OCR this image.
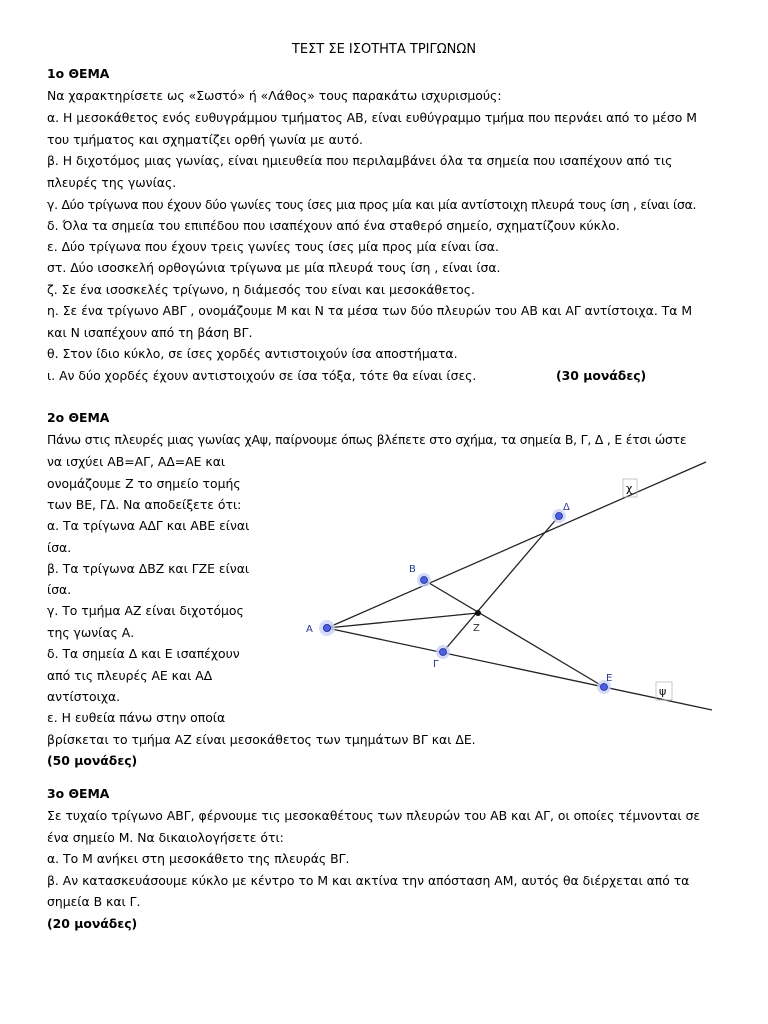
ΤΕΣΤ ΣΕ ΙΣΟΤΗΤΑ ΤΡΙΓΩΝΩΝ
1ο ΘΕΜΑ
Να χαρακτηρίσετε ως «Σωστό» ή «Λάθος» τους παρακάτω ισχυρισμούς:
α. Η μεσοκάθετος ενός ευθυγράμμου τμήματος ΑΒ, είναι ευθύγραμμο τμήμα που περνάει από το μέσο Μ
του τμήματος και σχηματίζει ορθή γωνία με αυτό.
β. Η διχοτόμος μιας γωνίας, είναι ημιευθεία που περιλαμβάνει όλα τα σημεία που ισαπέχουν από τις
πλευρές της γωνίας.
γ. Δύο τρίγωνα που έχουν δύο γωνίες τους ίσες μια προς μία και μία αντίστοιχη πλευρά τους ίση , είναι ίσα.
δ. Όλα τα σημεία του επιπέδου που ισαπέχουν από ένα σταθερό σημείο, σχηματίζουν κύκλο.
ε. Δύο τρίγωνα που έχουν τρεις γωνίες τους ίσες μία προς μία είναι ίσα.
στ. Δύο ισοσκελή ορθογώνια τρίγωνα με μία πλευρά τους ίση , είναι ίσα.
ζ. Σε ένα ισοσκελές τρίγωνο, η διάμεσός του είναι και μεσοκάθετος.
η. Σε ένα τρίγωνο ΑΒΓ , ονομάζουμε Μ και Ν τα μέσα των δύο πλευρών του ΑΒ και ΑΓ αντίστοιχα. Τα Μ
και Ν ισαπέχουν από τη βάση ΒΓ.
θ. Στον ίδιο κύκλο, σε ίσες χορδές αντιστοιχούν ίσα αποστήματα.
ι. Αν δύο χορδές έχουν αντιστοιχούν σε ίσα τόξα, τότε θα είναι ίσες.	(30 μονάδες)
2ο ΘΕΜΑ
Πάνω στις πλευρές μιας γωνίας χΑψ, παίρνουμε όπως βλέπετε στο σχήμα, τα σημεία Β, Γ, Δ , Ε έτσι ώστε
να ισχύει ΑΒ=ΑΓ, ΑΔ=ΑΕ και
ονομάζουμε Ζ το σημείο τομής
των ΒΕ, ΓΔ. Να αποδείξετε ότι:
α. Τα τρίγωνα ΑΔΓ και ΑΒΕ είναι
ίσα.
β. Τα τρίγωνα ΔΒΖ και ΓΖΕ είναι
ίσα.
γ. Το τμήμα ΑΖ είναι διχοτόμος
της γωνίας Α.
δ. Τα σημεία Δ και Ε ισαπέχουν
από τις πλευρές ΑΕ και ΑΔ
αντίστοιχα.
ε. Η ευθεία πάνω στην οποία
βρίσκεται το τμήμα ΑΖ είναι μεσοκάθετος των τμημάτων ΒΓ και ΔΕ.
(50 μονάδες)
Α
Β
Γ
Δ
Ε
Ζ
χ
ψ
3ο ΘΕΜΑ
Σε τυχαίο τρίγωνο ΑΒΓ, φέρνουμε τις μεσοκαθέτους των πλευρών του ΑΒ και ΑΓ, οι οποίες τέμνονται σε
ένα σημείο Μ. Να δικαιολογήσετε ότι:
α. Το Μ ανήκει στη μεσοκάθετο της πλευράς ΒΓ.
β. Αν κατασκευάσουμε κύκλο με κέντρο το Μ και ακτίνα την απόσταση ΑΜ, αυτός θα διέρχεται από τα
σημεία Β και Γ.
(20 μονάδες)
